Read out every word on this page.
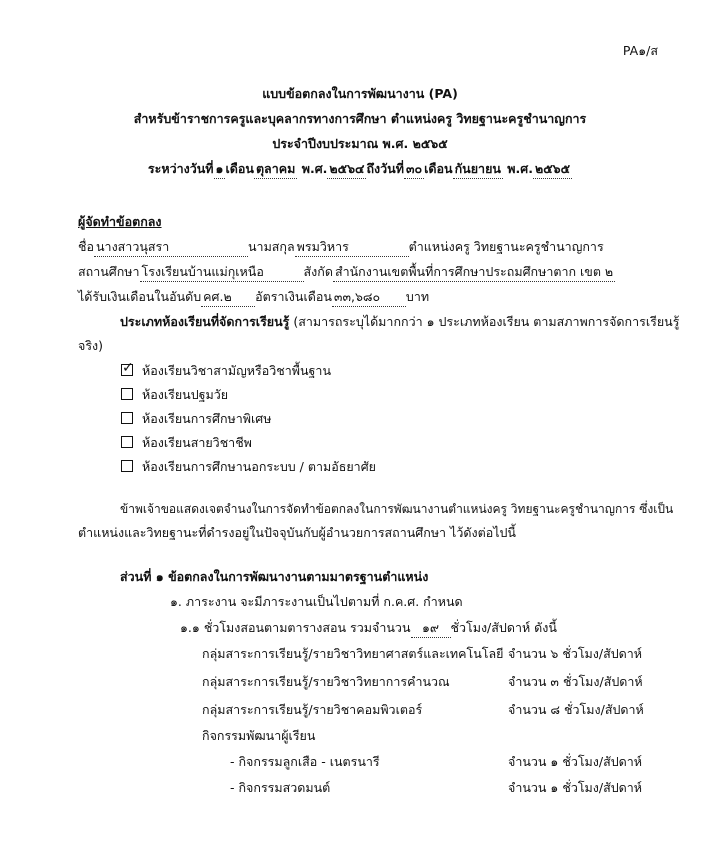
PA๑/ส
แบบข้อตกลงในการพัฒนางาน (PA)
สำหรับข้าราชการครูและบุคลากรทางการศึกษา ตำแหน่งครู วิทยฐานะครูชำนาญการ
ประจำปีงบประมาณ พ.ศ. ๒๕๖๕
ระหว่างวันที่ ๑ เดือน ตุลาคม พ.ศ. ๒๕๖๔ ถึงวันที่ ๓๐ เดือน กันยายน พ.ศ. ๒๕๖๕
ผู้จัดทำข้อตกลง
ชื่อ นางสาวนุสรา	นามสกุล พรมวิหาร	ตำแหน่งครู วิทยฐานะครูชำนาญการ
สถานศึกษา โรงเรียนบ้านแม่กุเหนือ	สังกัด สำนักงานเขตพื้นที่การศึกษาประถมศึกษาตาก เขต ๒
ได้รับเงินเดือนในอันดับ คศ.๒ อัตราเงินเดือน ๓๓,๖๘๐ บาท
ประเภทห้องเรียนที่จัดการเรียนรู้ (สามารถระบุได้มากกว่า ๑ ประเภทห้องเรียน ตามสภาพการจัดการเรียนรู้
จริง)
✓ ห้องเรียนวิชาสามัญหรือวิชาพื้นฐาน
ห้องเรียนปฐมวัย
ห้องเรียนการศึกษาพิเศษ
ห้องเรียนสายวิชาชีพ
ห้องเรียนการศึกษานอกระบบ / ตามอัธยาศัย
ข้าพเจ้าขอแสดงเจตจำนงในการจัดทำข้อตกลงในการพัฒนางานตำแหน่งครู วิทยฐานะครูชำนาญการ ซึ่งเป็น
ตำแหน่งและวิทยฐานะที่ดำรงอยู่ในปัจจุบันกับผู้อำนวยการสถานศึกษา ไว้ดังต่อไปนี้
ส่วนที่ ๑ ข้อตกลงในการพัฒนางานตามมาตรฐานตำแหน่ง
๑. ภาระงาน จะมีภาระงานเป็นไปตามที่ ก.ค.ศ. กำหนด
๑.๑ ชั่วโมงสอนตามตารางสอน รวมจำนวน ๑๙ ชั่วโมง/สัปดาห์ ดังนี้
กลุ่มสาระการเรียนรู้/รายวิชาวิทยาศาสตร์และเทคโนโลยี จำนวน ๖ ชั่วโมง/สัปดาห์
กลุ่มสาระการเรียนรู้/รายวิชาวิทยาการคำนวณ	จำนวน ๓ ชั่วโมง/สัปดาห์
กลุ่มสาระการเรียนรู้/รายวิชาคอมพิวเตอร์	จำนวน ๘ ชั่วโมง/สัปดาห์
กิจกรรมพัฒนาผู้เรียน
- กิจกรรมลูกเสือ - เนตรนารี	จำนวน ๑ ชั่วโมง/สัปดาห์
- กิจกรรมสวดมนต์	จำนวน ๑ ชั่วโมง/สัปดาห์
